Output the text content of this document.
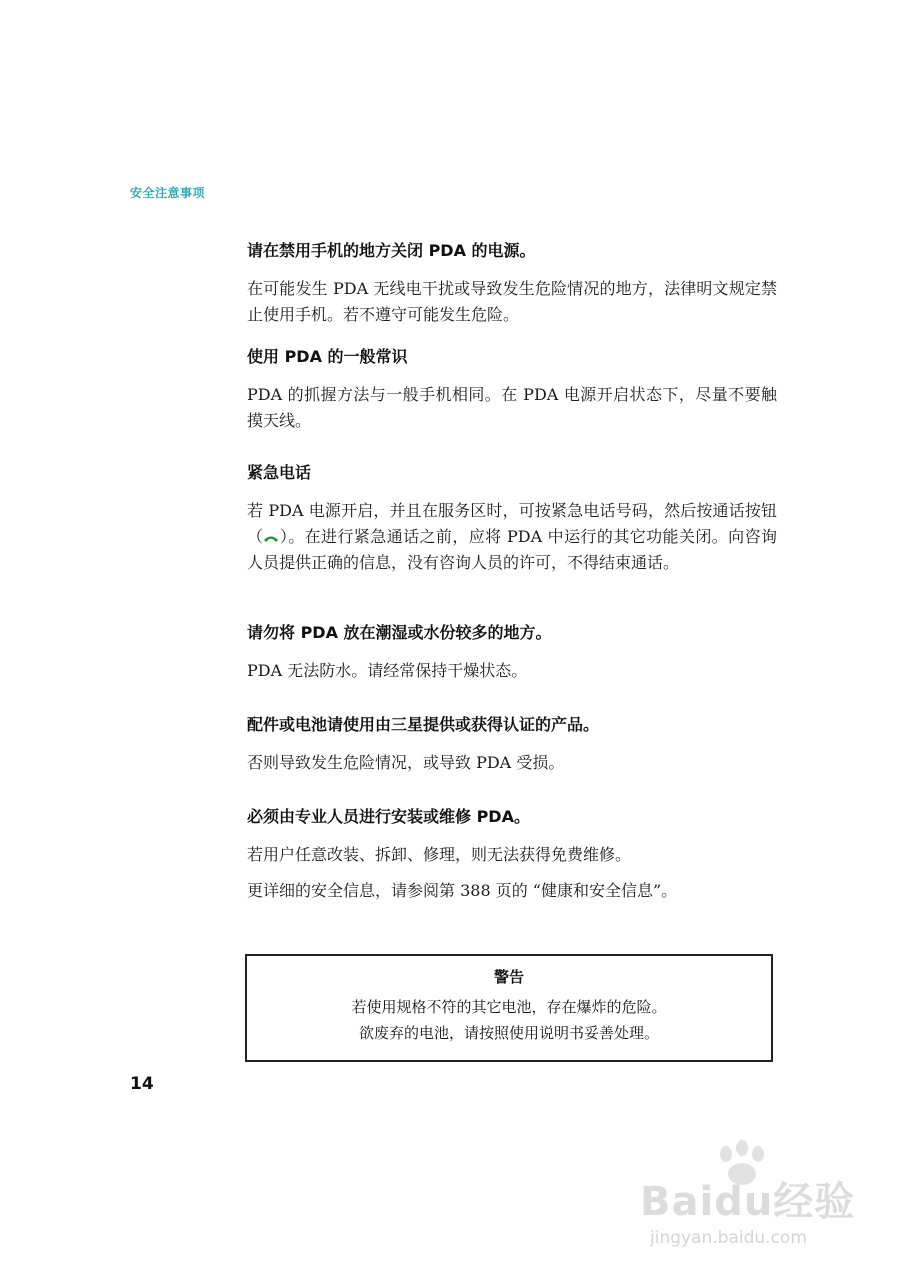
安全注意事项
请在禁用手机的地方关闭 PDA 的电源。
在可能发生 PDA 无线电干扰或导致发生危险情况的地方，法律明文规定禁止使用手机。若不遵守可能发生危险。
使用 PDA 的一般常识
PDA 的抓握方法与一般手机相同。在 PDA 电源开启状态下，尽量不要触摸天线。
紧急电话
若 PDA 电源开启，并且在服务区时，可按紧急电话号码，然后按通话按钮（ ）。在进行紧急通话之前，应将 PDA 中运行的其它功能关闭。向咨询人员提供正确的信息，没有咨询人员的许可，不得结束通话。
请勿将 PDA 放在潮湿或水份较多的地方。
PDA 无法防水。请经常保持干燥状态。
配件或电池请使用由三星提供或获得认证的产品。
否则导致发生危险情况，或导致 PDA 受损。
必须由专业人员进行安装或维修 PDA。
若用户任意改装、拆卸、修理，则无法获得免费维修。
更详细的安全信息，请参阅第 388 页的 “健康和安全信息”。
警告
若使用规格不符的其它电池，存在爆炸的危险。
欲废弃的电池，请按照使用说明书妥善处理。
14
Baidu经验
jingyan.baidu.com
